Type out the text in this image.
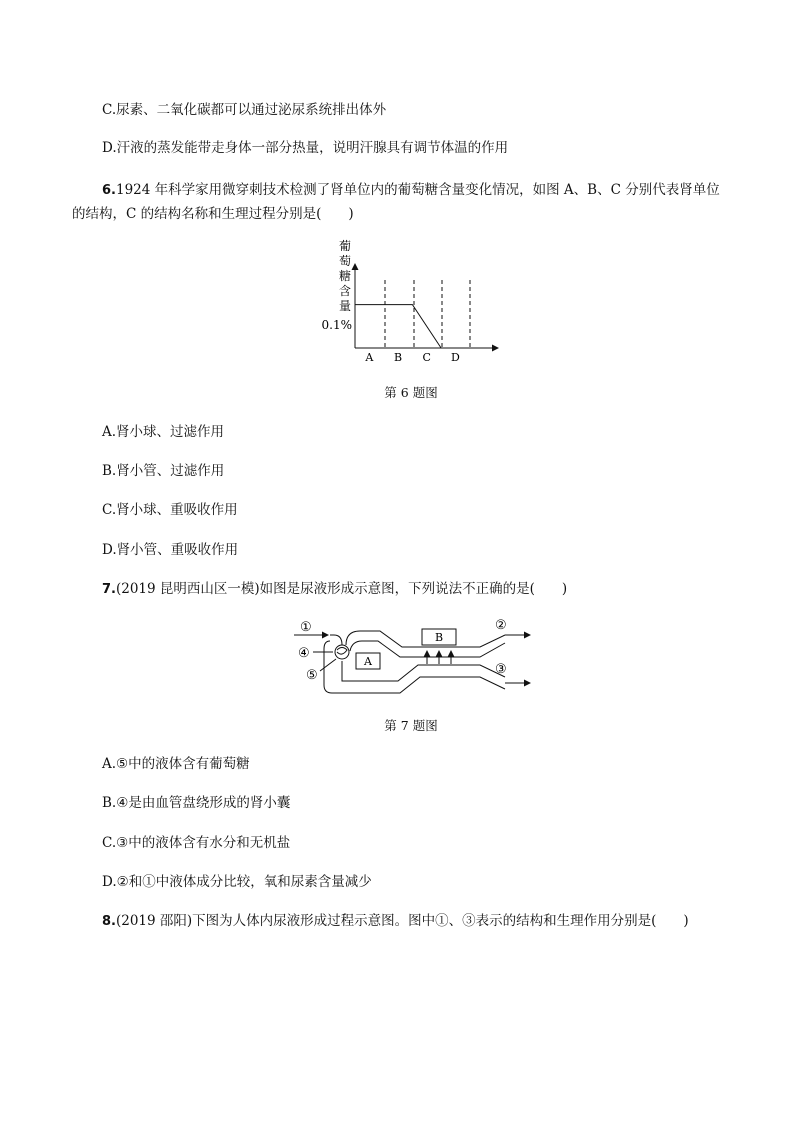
C.尿素、二氧化碳都可以通过泌尿系统排出体外
D.汗液的蒸发能带走身体一部分热量，说明汗腺具有调节体温的作用
6.1924 年科学家用微穿刺技术检测了肾单位内的葡萄糖含量变化情况，如图 A、B、C 分别代表肾单位
的结构，C 的结构名称和生理过程分别是(　　)
葡
萄
糖
含
量
0.1%
A B C D
第 6 题图
A.肾小球、过滤作用
B.肾小管、过滤作用
C.肾小球、重吸收作用
D.肾小管、重吸收作用
7.(2019 昆明西山区一模)如图是尿液形成示意图，下列说法不正确的是(　　)
①
④
⑤
A
B
②
③
第 7 题图
A.⑤中的液体含有葡萄糖
B.④是由血管盘绕形成的肾小囊
C.③中的液体含有水分和无机盐
D.②和①中液体成分比较，氧和尿素含量减少
8.(2019 邵阳)下图为人体内尿液形成过程示意图。图中①、③表示的结构和生理作用分别是(　　)
